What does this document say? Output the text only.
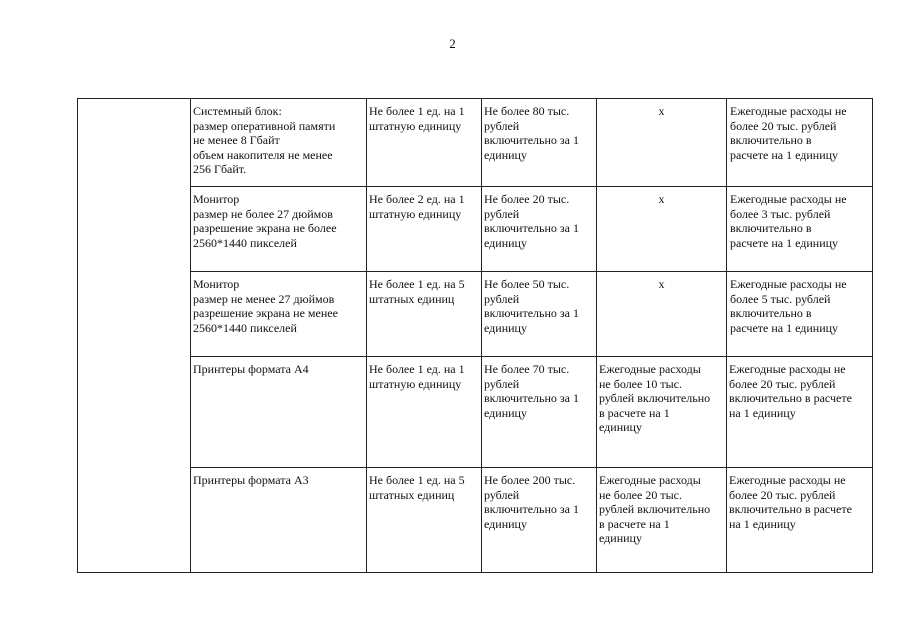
2

	Системный блок:
размер оперативной памяти
не менее 8 Гбайт
объем накопителя не менее
256 Гбайт.	Не более 1 ед. на 1
штатную единицу	Не более 80 тыс.
рублей
включительно за 1
единицу	x	Ежегодные расходы не
более 20 тыс. рублей
включительно в
расчете на 1 единицу

	Монитор
размер не более 27 дюймов
разрешение экрана не более
2560*1440 пикселей	Не более 2 ед. на 1
штатную единицу	Не более 20 тыс.
рублей
включительно за 1
единицу	x	Ежегодные расходы не
более 3 тыс. рублей
включительно в
расчете на 1 единицу

	Монитор
размер не менее 27 дюймов
разрешение экрана не менее
2560*1440 пикселей	Не более 1 ед. на 5
штатных единиц	Не более 50 тыс.
рублей
включительно за 1
единицу	x	Ежегодные расходы не
более 5 тыс. рублей
включительно в
расчете на 1 единицу

	Принтеры формата А4	Не более 1 ед. на 1
штатную единицу	Не более 70 тыс.
рублей
включительно за 1
единицу	Ежегодные расходы
не более 10 тыс.
рублей включительно
в расчете на 1
единицу	Ежегодные расходы не
более 20 тыс. рублей
включительно в расчете
на 1 единицу

	Принтеры формата А3	Не более 1 ед. на 5
штатных единиц	Не более 200 тыс.
рублей
включительно за 1
единицу	Ежегодные расходы
не более 20 тыс.
рублей включительно
в расчете на 1
единицу	Ежегодные расходы не
более 20 тыс. рублей
включительно в расчете
на 1 единицу
